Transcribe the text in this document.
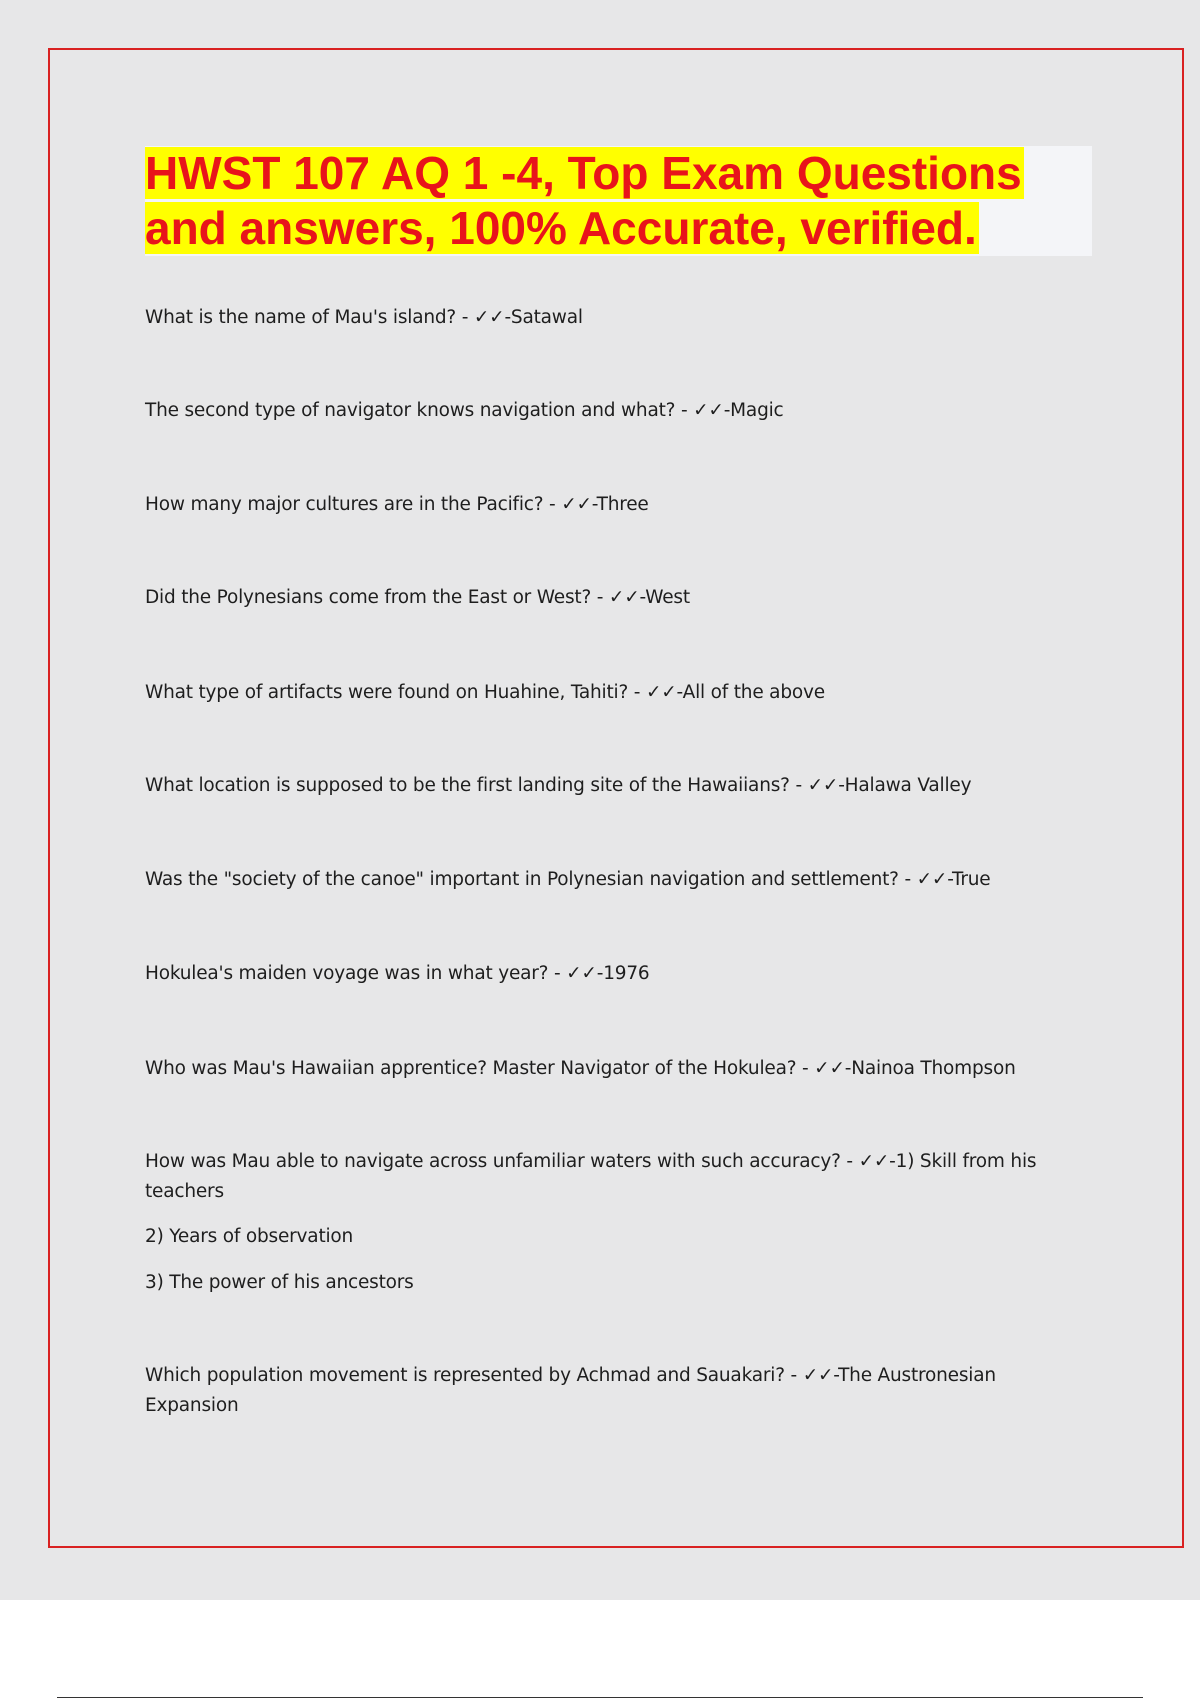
HWST 107 AQ 1 -4, Top Exam Questions
and answers, 100% Accurate, verified.

What is the name of Mau's island? - ✓✓-Satawal

The second type of navigator knows navigation and what? - ✓✓-Magic

How many major cultures are in the Pacific? - ✓✓-Three

Did the Polynesians come from the East or West? - ✓✓-West

What type of artifacts were found on Huahine, Tahiti? - ✓✓-All of the above

What location is supposed to be the first landing site of the Hawaiians? - ✓✓-Halawa Valley

Was the "society of the canoe" important in Polynesian navigation and settlement? - ✓✓-True

Hokulea's maiden voyage was in what year? - ✓✓-1976

Who was Mau's Hawaiian apprentice? Master Navigator of the Hokulea? - ✓✓-Nainoa Thompson

How was Mau able to navigate across unfamiliar waters with such accuracy? - ✓✓-1) Skill from his teachers

2) Years of observation

3) The power of his ancestors

Which population movement is represented by Achmad and Sauakari? - ✓✓-The Austronesian Expansion
